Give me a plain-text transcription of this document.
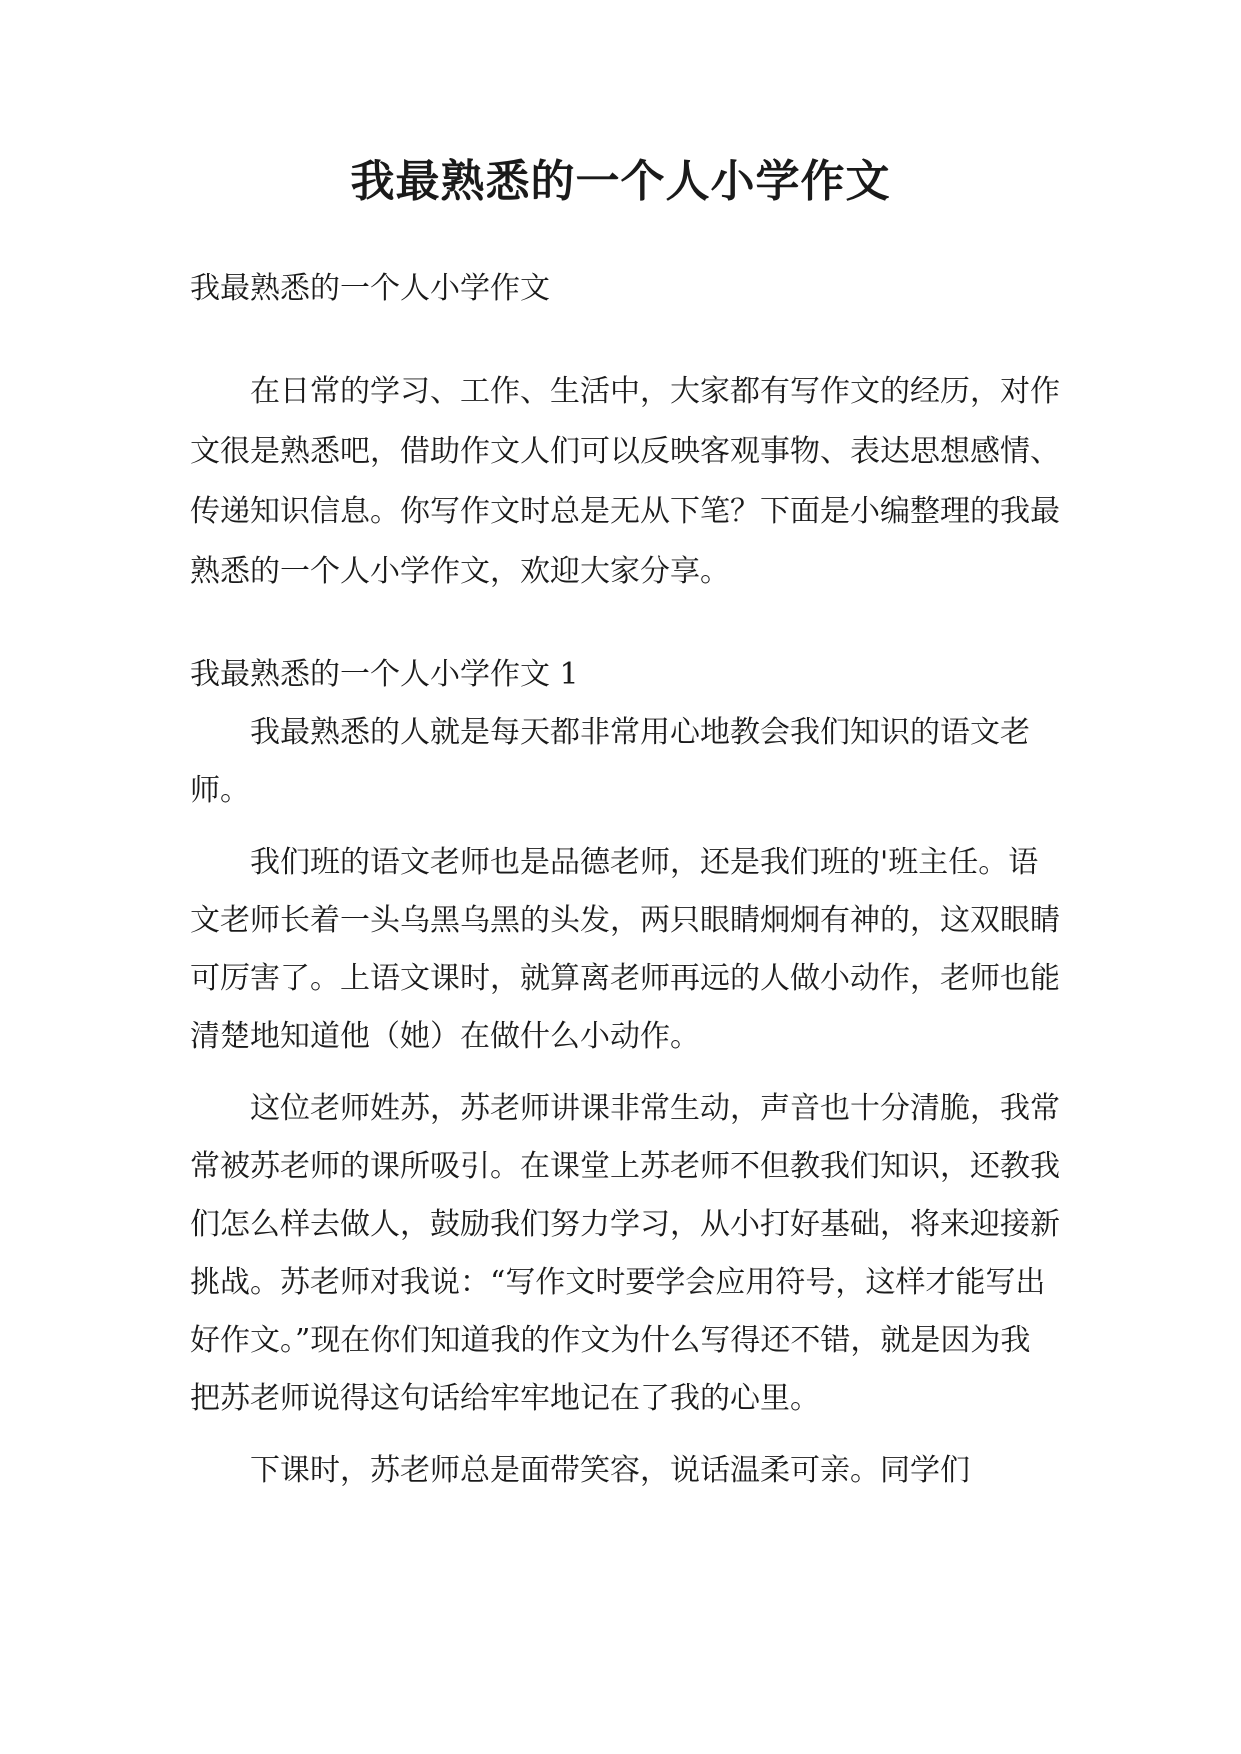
我最熟悉的一个人小学作文

我最熟悉的一个人小学作文

在日常的学习、工作、生活中，大家都有写作文的经历，对作文很是熟悉吧，借助作文人们可以反映客观事物、表达思想感情、传递知识信息。你写作文时总是无从下笔？下面是小编整理的我最熟悉的一个人小学作文，欢迎大家分享。

我最熟悉的一个人小学作文 1

我最熟悉的人就是每天都非常用心地教会我们知识的语文老师。

我们班的语文老师也是品德老师，还是我们班的'班主任。语文老师长着一头乌黑乌黑的头发，两只眼睛炯炯有神的，这双眼睛可厉害了。上语文课时，就算离老师再远的人做小动作，老师也能清楚地知道他（她）在做什么小动作。

这位老师姓苏，苏老师讲课非常生动，声音也十分清脆，我常常被苏老师的课所吸引。在课堂上苏老师不但教我们知识，还教我们怎么样去做人，鼓励我们努力学习，从小打好基础，将来迎接新挑战。苏老师对我说：“写作文时要学会应用符号，这样才能写出好作文。”现在你们知道我的作文为什么写得还不错，就是因为我把苏老师说得这句话给牢牢地记在了我的心里。

下课时，苏老师总是面带笑容，说话温柔可亲。同学们
